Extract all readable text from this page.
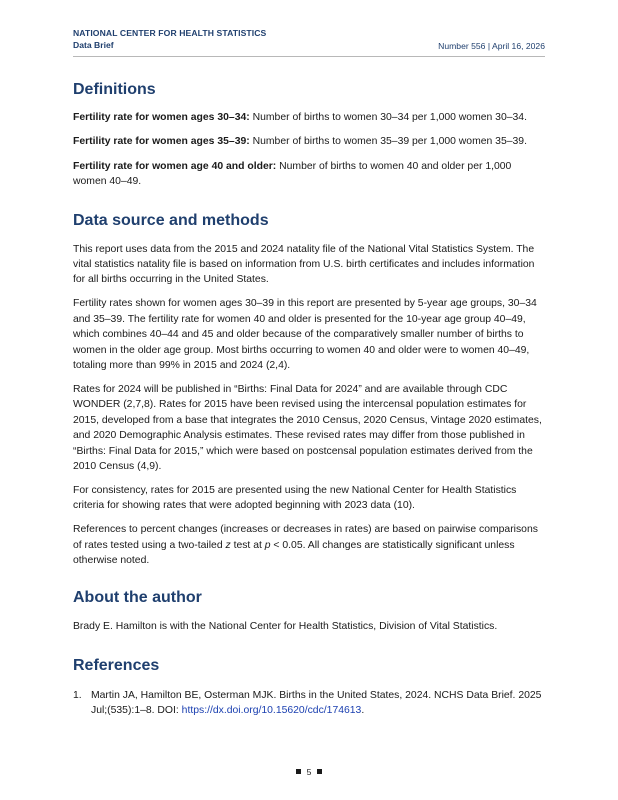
NATIONAL CENTER FOR HEALTH STATISTICS
Data Brief	Number 556 | April 16, 2026
Definitions

Fertility rate for women ages 30–34: Number of births to women 30–34 per 1,000 women 30–34.

Fertility rate for women ages 35–39: Number of births to women 35–39 per 1,000 women 35–39.

Fertility rate for women age 40 and older: Number of births to women 40 and older per 1,000 women 40–49.

Data source and methods

This report uses data from the 2015 and 2024 natality file of the National Vital Statistics System. The vital statistics natality file is based on information from U.S. birth certificates and includes information for all births occurring in the United States.

Fertility rates shown for women ages 30–39 in this report are presented by 5-year age groups, 30–34 and 35–39. The fertility rate for women 40 and older is presented for the 10-year age group 40–49, which combines 40–44 and 45 and older because of the comparatively smaller number of births to women in the older age group. Most births occurring to women 40 and older were to women 40–49, totaling more than 99% in 2015 and 2024 (2,4).

Rates for 2024 will be published in “Births: Final Data for 2024” and are available through CDC WONDER (2,7,8). Rates for 2015 have been revised using the intercensal population estimates for 2015, developed from a base that integrates the 2010 Census, 2020 Census, Vintage 2020 estimates, and 2020 Demographic Analysis estimates. These revised rates may differ from those published in “Births: Final Data for 2015,” which were based on postcensal population estimates derived from the 2010 Census (4,9).

For consistency, rates for 2015 are presented using the new National Center for Health Statistics criteria for showing rates that were adopted beginning with 2023 data (10).

References to percent changes (increases or decreases in rates) are based on pairwise comparisons of rates tested using a two-tailed z test at p < 0.05. All changes are statistically significant unless otherwise noted.

About the author

Brady E. Hamilton is with the National Center for Health Statistics, Division of Vital Statistics.

References
1. Martin JA, Hamilton BE, Osterman MJK. Births in the United States, 2024. NCHS Data Brief. 2025 Jul;(535):1–8. DOI: https://dx.doi.org/10.15620/cdc/174613.
5
